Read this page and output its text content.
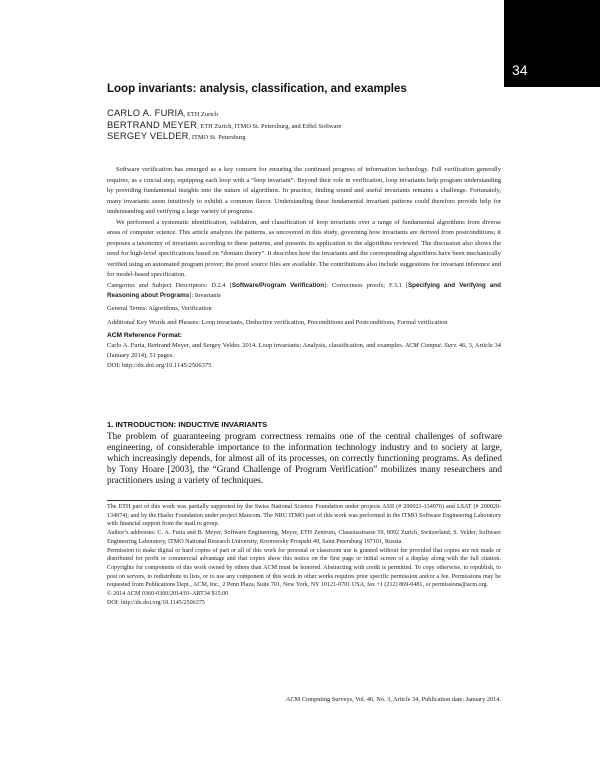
34
Loop invariants: analysis, classification, and examples
CARLO A. FURIA, ETH Zurich
BERTRAND MEYER, ETH Zurich, ITMO St. Petersburg, and Eiffel Software
SERGEY VELDER, ITMO St. Petersburg

Software verification has emerged as a key concern for ensuring the continued progress of information technology. Full verification generally requires, as a crucial step, equipping each loop with a “loop invariant”. Beyond their role in verification, loop invariants help program understanding by providing fundamental insights into the nature of algorithms. In practice, finding sound and useful invariants remains a challenge. Fortunately, many invariants seem intuitively to exhibit a common flavor. Understanding these fundamental invariant patterns could therefore provide help for understanding and verifying a large variety of programs.

We performed a systematic identification, validation, and classification of loop invariants over a range of fundamental algorithms from diverse areas of computer science. This article analyzes the patterns, as uncovered in this study, governing how invariants are derived from postconditions; it proposes a taxonomy of invariants according to these patterns, and presents its application to the algorithms reviewed. The discussion also shows the need for high-level specifications based on “domain theory”. It describes how the invariants and the corresponding algorithms have been mechanically verified using an automated program prover; the proof source files are available. The contributions also include suggestions for invariant inference and for model-based specification.

Categories and Subject Descriptors: D.2.4 [Software/Program Verification]: Correctness proofs; F.3.1 [Specifying and Verifying and Reasoning about Programs]: Invariants

General Terms: Algorithms, Verification

Additional Key Words and Phrases: Loop invariants, Deductive verification, Preconditions and Postconditions, Formal verification

ACM Reference Format:
Carlo A. Furia, Bertrand Meyer, and Sergey Velder. 2014. Loop invariants: Analysis, classification, and examples. ACM Comput. Surv. 46, 3, Article 34 (January 2014), 51 pages.
DOI: http://dx.doi.org/10.1145/2506375

1. INTRODUCTION: INDUCTIVE INVARIANTS
The problem of guaranteeing program correctness remains one of the central challenges of software engineering, of considerable importance to the information technology industry and to society at large, which increasingly depends, for almost all of its processes, on correctly functioning programs. As defined by Tony Hoare [2003], the “Grand Challenge of Program Verification” mobilizes many researchers and practitioners using a variety of techniques.

The ETH part of this work was partially supported by the Swiss National Science Foundation under projects ASII (# 200021-134976) and LSAT (# 200020-134974); and by the Hasler Foundation under project Mancom. The NRU ITMO part of this work was performed in the ITMO Software Engineering Laboratory with financial support from the mail.ru group.

Author’s addresses: C. A. Furia and B. Meyer, Software Engineering, Meyer, ETH Zentrum, Clausiusstrasse 59, 8092 Zurich, Switzerland; S. Velder, Software Engineering Laboratory, ITMO National Research University, Kronversky Prospekt 49, Saint Petersburg 197101, Russia.

Permission to make digital or hard copies of part or all of this work for personal or classroom use is granted without fee provided that copies are not made or distributed for profit or commercial advantage and that copies show this notice on the first page or initial screen of a display along with the full citation. Copyrights for components of this work owned by others than ACM must be honored. Abstracting with credit is permitted. To copy otherwise, to republish, to post on servers, to redistribute to lists, or to use any component of this work in other works requires prior specific permission and/or a fee. Permissions may be requested from Publications Dept., ACM, Inc., 2 Penn Plaza, Suite 701, New York, NY 10121-0701 USA, fax +1 (212) 869-0481, or permissions@acm.org.

© 2014 ACM 0360-0300/2014/01-ART34 $15.00

DOI: http://dx.doi.org/10.1145/2506375

ACM Computing Surveys, Vol. 46, No. 3, Article 34, Publication date: January 2014.
